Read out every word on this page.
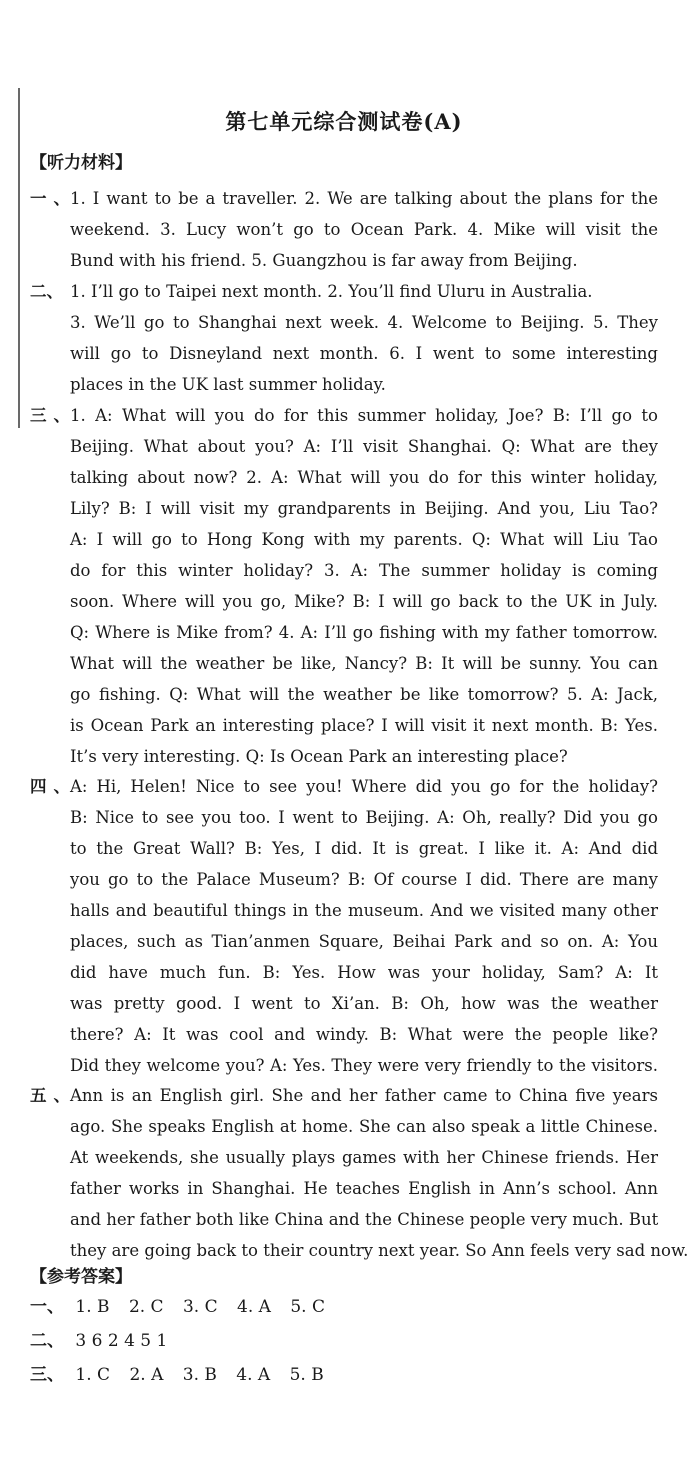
第七单元综合测试卷(A)
【听力材料】
一、1. I want to be a traveller. 2. We are talking about the plans for the
weekend. 3. Lucy won’t go to Ocean Park. 4. Mike will visit the
Bund with his friend. 5. Guangzhou is far away from Beijing.
二、 1. I’ll go to Taipei next month. 2. You’ll find Uluru in Australia.
3. We’ll go to Shanghai next week. 4. Welcome to Beijing. 5. They
will go to Disneyland next month. 6. I went to some interesting
places in the UK last summer holiday.
三、1. A: What will you do for this summer holiday, Joe? B: I’ll go to
Beijing. What about you? A: I’ll visit Shanghai. Q: What are they
talking about now? 2. A: What will you do for this winter holiday,
Lily? B: I will visit my grandparents in Beijing. And you, Liu Tao?
A: I will go to Hong Kong with my parents. Q: What will Liu Tao
do for this winter holiday? 3. A: The summer holiday is coming
soon. Where will you go, Mike? B: I will go back to the UK in July.
Q: Where is Mike from? 4. A: I’ll go fishing with my father tomorrow.
What will the weather be like, Nancy? B: It will be sunny. You can
go fishing. Q: What will the weather be like tomorrow? 5. A: Jack,
is Ocean Park an interesting place? I will visit it next month. B: Yes.
It’s very interesting. Q: Is Ocean Park an interesting place?
四、A: Hi, Helen! Nice to see you! Where did you go for the holiday?
B: Nice to see you too. I went to Beijing. A: Oh, really? Did you go
to the Great Wall? B: Yes, I did. It is great. I like it. A: And did
you go to the Palace Museum? B: Of course I did. There are many
halls and beautiful things in the museum. And we visited many other
places, such as Tian’anmen Square, Beihai Park and so on. A: You
did have much fun. B: Yes. How was your holiday, Sam? A: It
was pretty good. I went to Xi’an. B: Oh, how was the weather
there? A: It was cool and windy. B: What were the people like?
Did they welcome you? A: Yes. They were very friendly to the visitors.
五、Ann is an English girl. She and her father came to China five years
ago. She speaks English at home. She can also speak a little Chinese.
At weekends, she usually plays games with her Chinese friends. Her
father works in Shanghai. He teaches English in Ann’s school. Ann
and her father both like China and the Chinese people very much. But
they are going back to their country next year. So Ann feels very sad now.
【参考答案】
一、 1. B 2. C 3. C 4. A 5. C
二、 3 6 2 4 5 1
三、 1. C 2. A 3. B 4. A 5. B
